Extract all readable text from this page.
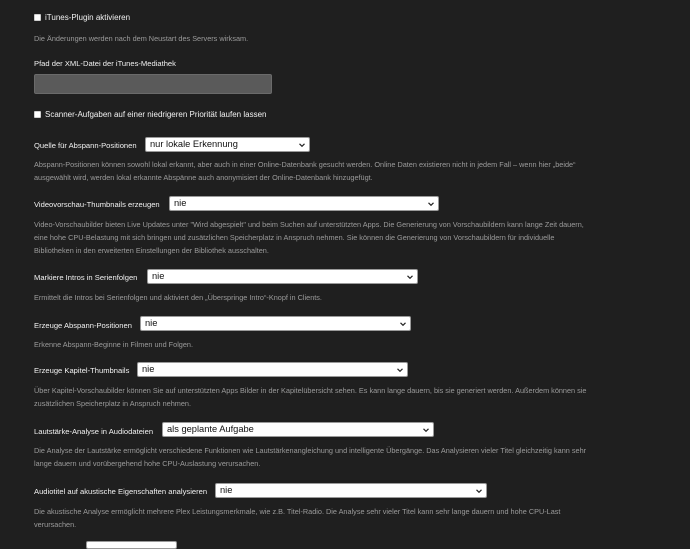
iTunes-Plugin aktivieren
Die Änderungen werden nach dem Neustart des Servers wirksam.
Pfad der XML-Datei der iTunes-Mediathek
Scanner-Aufgaben auf einer niedrigeren Priorität laufen lassen
Quelle für Abspann-Positionen nur lokale Erkennung
Abspann-Positionen können sowohl lokal erkannt, aber auch in einer Online-Datenbank gesucht werden. Online Daten existieren nicht in jedem Fall – wenn hier „beide“
ausgewählt wird, werden lokal erkannte Abspänne auch anonymisiert der Online-Datenbank hinzugefügt.
Videovorschau-Thumbnails erzeugen nie
Video-Vorschaubilder bieten Live Updates unter "Wird abgespielt" und beim Suchen auf unterstützten Apps. Die Generierung von Vorschaubildern kann lange Zeit dauern,
eine hohe CPU-Belastung mit sich bringen und zusätzlichen Speicherplatz in Anspruch nehmen. Sie können die Generierung von Vorschaubildern für individuelle
Bibliotheken in den erweiterten Einstellungen der Bibliothek ausschalten.
Markiere Intros in Serienfolgen nie
Ermittelt die Intros bei Serienfolgen und aktiviert den „Überspringe Intro“-Knopf in Clients.
Erzeuge Abspann-Positionen nie
Erkenne Abspann-Beginne in Filmen und Folgen.
Erzeuge Kapitel-Thumbnails nie
Über Kapitel-Vorschaubilder können Sie auf unterstützten Apps Bilder in der Kapitelübersicht sehen. Es kann lange dauern, bis sie generiert werden. Außerdem können sie
zusätzlichen Speicherplatz in Anspruch nehmen.
Lautstärke-Analyse in Audiodateien als geplante Aufgabe
Die Analyse der Lautstärke ermöglicht verschiedene Funktionen wie Lautstärkenangleichung und intelligente Übergänge. Das Analysieren vieler Titel gleichzeitig kann sehr
lange dauern und vorübergehend hohe CPU-Auslastung verursachen.
Audiotitel auf akustische Eigenschaften analysieren nie
Die akustische Analyse ermöglicht mehrere Plex Leistungsmerkmale, wie z.B. Titel-Radio. Die Analyse sehr vieler Titel kann sehr lange dauern und hohe CPU-Last
verursachen.
